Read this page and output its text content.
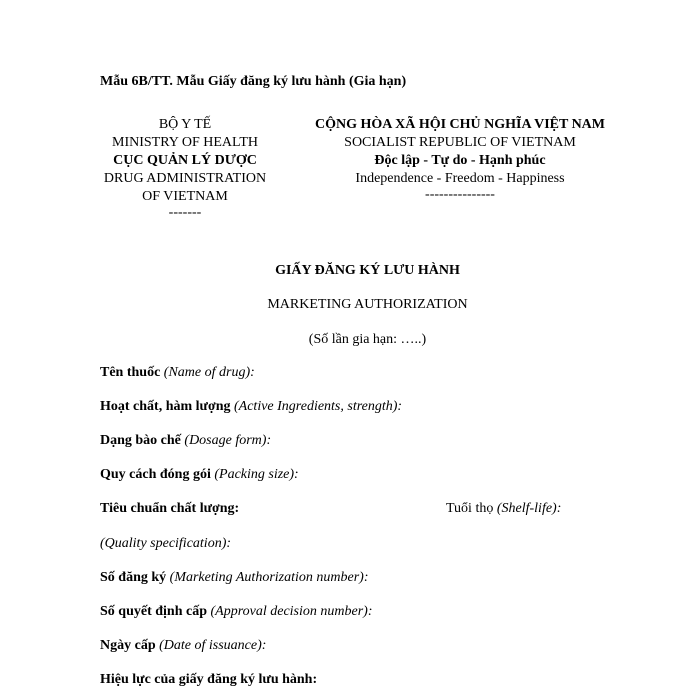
Mẫu 6B/TT. Mẫu Giấy đăng ký lưu hành (Gia hạn)
BỘ Y TẾ
MINISTRY OF HEALTH
CỤC QUẢN LÝ DƯỢC
DRUG ADMINISTRATION
OF VIETNAM
-------
CỘNG HÒA XÃ HỘI CHỦ NGHĨA VIỆT NAM
SOCIALIST REPUBLIC OF VIETNAM
Độc lập - Tự do - Hạnh phúc
Independence - Freedom - Happiness
---------------
GIẤY ĐĂNG KÝ LƯU HÀNH
MARKETING AUTHORIZATION
(Số lần gia hạn: …..)
Tên thuốc (Name of drug):
Hoạt chất, hàm lượng (Active Ingredients, strength):
Dạng bào chế (Dosage form):
Quy cách đóng gói (Packing size):
Tiêu chuẩn chất lượng:	Tuổi thọ (Shelf-life):
(Quality specification):
Số đăng ký (Marketing Authorization number):
Số quyết định cấp (Approval decision number):
Ngày cấp (Date of issuance):
Hiệu lực của giấy đăng ký lưu hành:
